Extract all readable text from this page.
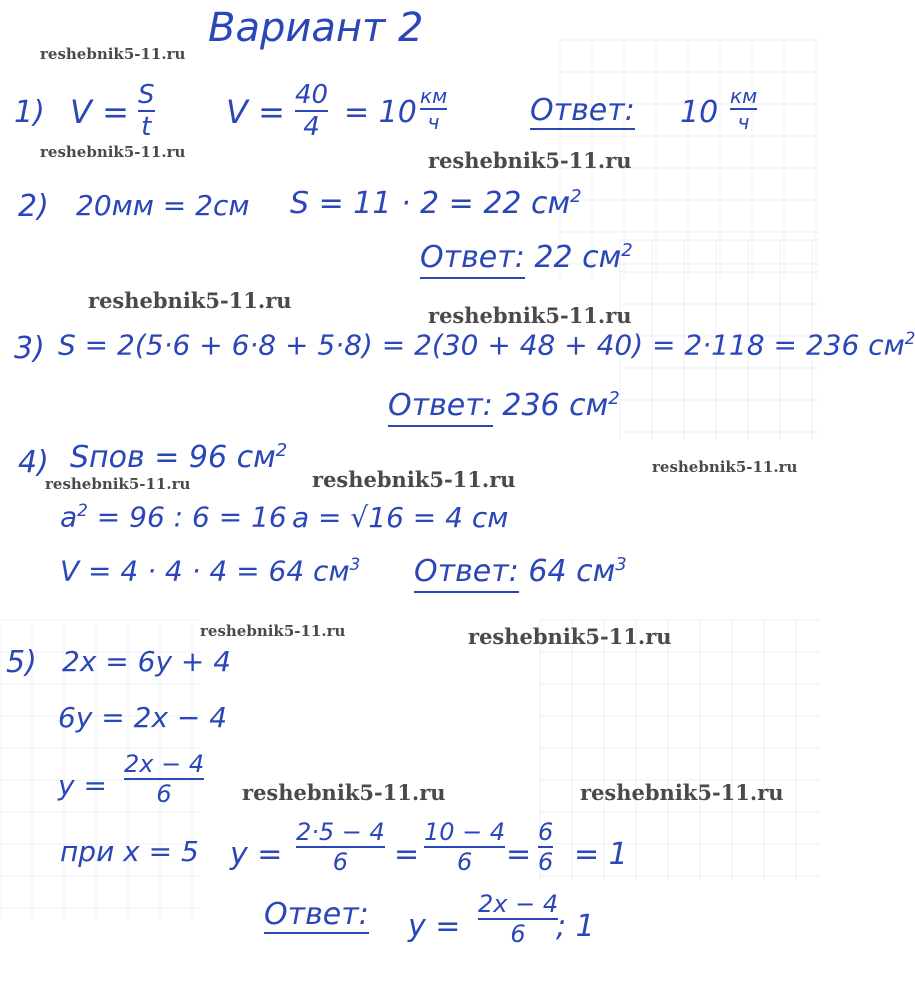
Вариант 2
reshebnik5-11.ru
reshebnik5-11.ru	reshebnik5-11.ru
reshebnik5-11.ru
reshebnik5-11.ru
reshebnik5-11.ru
reshebnik5-11.ru
reshebnik5-11.ru
reshebnik5-11.ru	reshebnik5-11.ru
reshebnik5-11.ru	reshebnik5-11.ru
1) V = S
t V = 40
4 = 10 км
ч	Ответ: 10 км
ч
2) 20мм = 2см S = 11 · 2 = 22 $см^2$
Ответ: 22 $см^2$
3) S = 2(5·6 + 6·8 + 5·8) = 2(30 + 48 + 40) = 2·118 = 236 $см^2$
Ответ: 236 $см^2$
4) Sпов = 96 $см^2$
$a^2 = 96$ : 6 = 16 a = √16 = 4 см
V = 4 · 4 · 4 = 64 $см^3$ Ответ: 64 $см^3$
5) 2x = 6y + 4
6y = 2x − 4
y =
2x − 4
6
при x = 5 y =
2·5 − 4
6	=
10 − 4
6	=
6
6 = 1
Ответ: y =
2x − 4
6	; 1
